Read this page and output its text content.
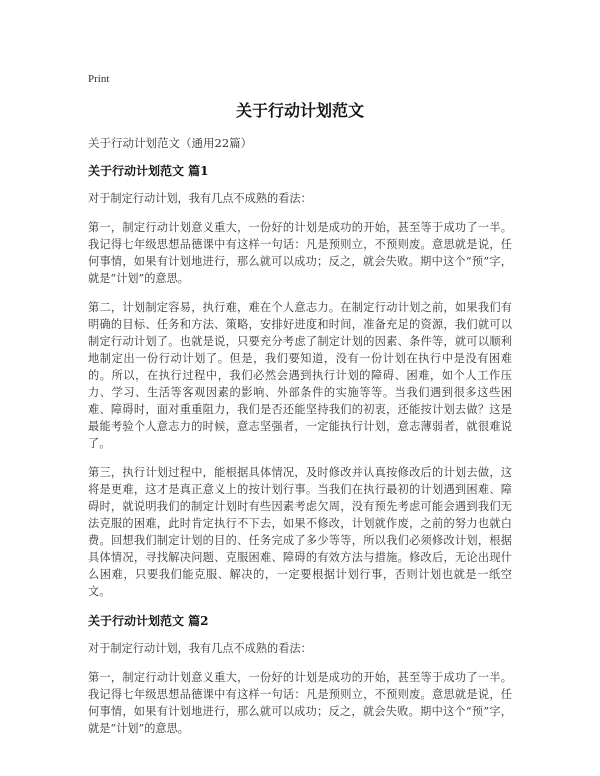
Print
关于行动计划范文
关于行动计划范文（通用22篇）
关于行动计划范文 篇1

对于制定行动计划，我有几点不成熟的看法：

第一，制定行动计划意义重大，一份好的计划是成功的开始，甚至等于成功了一半。我记得七年级思想品德课中有这样一句话：凡是预则立，不预则废。意思就是说，任何事情，如果有计划地进行，那么就可以成功；反之，就会失败。期中这个“预”字，就是“计划”的意思。

第二，计划制定容易，执行难，难在个人意志力。在制定行动计划之前，如果我们有明确的目标、任务和方法、策略，安排好进度和时间，准备充足的资源，我们就可以制定行动计划了。也就是说，只要充分考虑了制定计划的因素、条件等，就可以顺利地制定出一份行动计划了。但是，我们要知道，没有一份计划在执行中是没有困难的。所以，在执行过程中，我们必然会遇到执行计划的障碍、困难，如个人工作压力、学习、生活等客观因素的影响、外部条件的实施等等。当我们遇到很多这些困难、障碍时，面对重重阻力，我们是否还能坚持我们的初衷，还能按计划去做？这是最能考验个人意志力的时候，意志坚强者，一定能执行计划，意志薄弱者，就很难说了。

第三，执行计划过程中，能根据具体情况，及时修改并认真按修改后的计划去做，这将是更难，这才是真正意义上的按计划行事。当我们在执行最初的计划遇到困难、障碍时，就说明我们的制定计划时有些因素考虑欠周，没有预先考虑可能会遇到我们无法克服的困难，此时肯定执行不下去，如果不修改，计划就作废，之前的努力也就白费。回想我们制定计划的目的、任务完成了多少等等，所以我们必须修改计划，根据具体情况，寻找解决问题、克服困难、障碍的有效方法与措施。修改后，无论出现什么困难，只要我们能克服、解决的，一定要根据计划行事，否则计划也就是一纸空文。

关于行动计划范文 篇2

对于制定行动计划，我有几点不成熟的看法：

第一，制定行动计划意义重大，一份好的计划是成功的开始，甚至等于成功了一半。我记得七年级思想品德课中有这样一句话：凡是预则立，不预则废。意思就是说，任何事情，如果有计划地进行，那么就可以成功；反之，就会失败。期中这个“预”字，就是“计划”的意思。
